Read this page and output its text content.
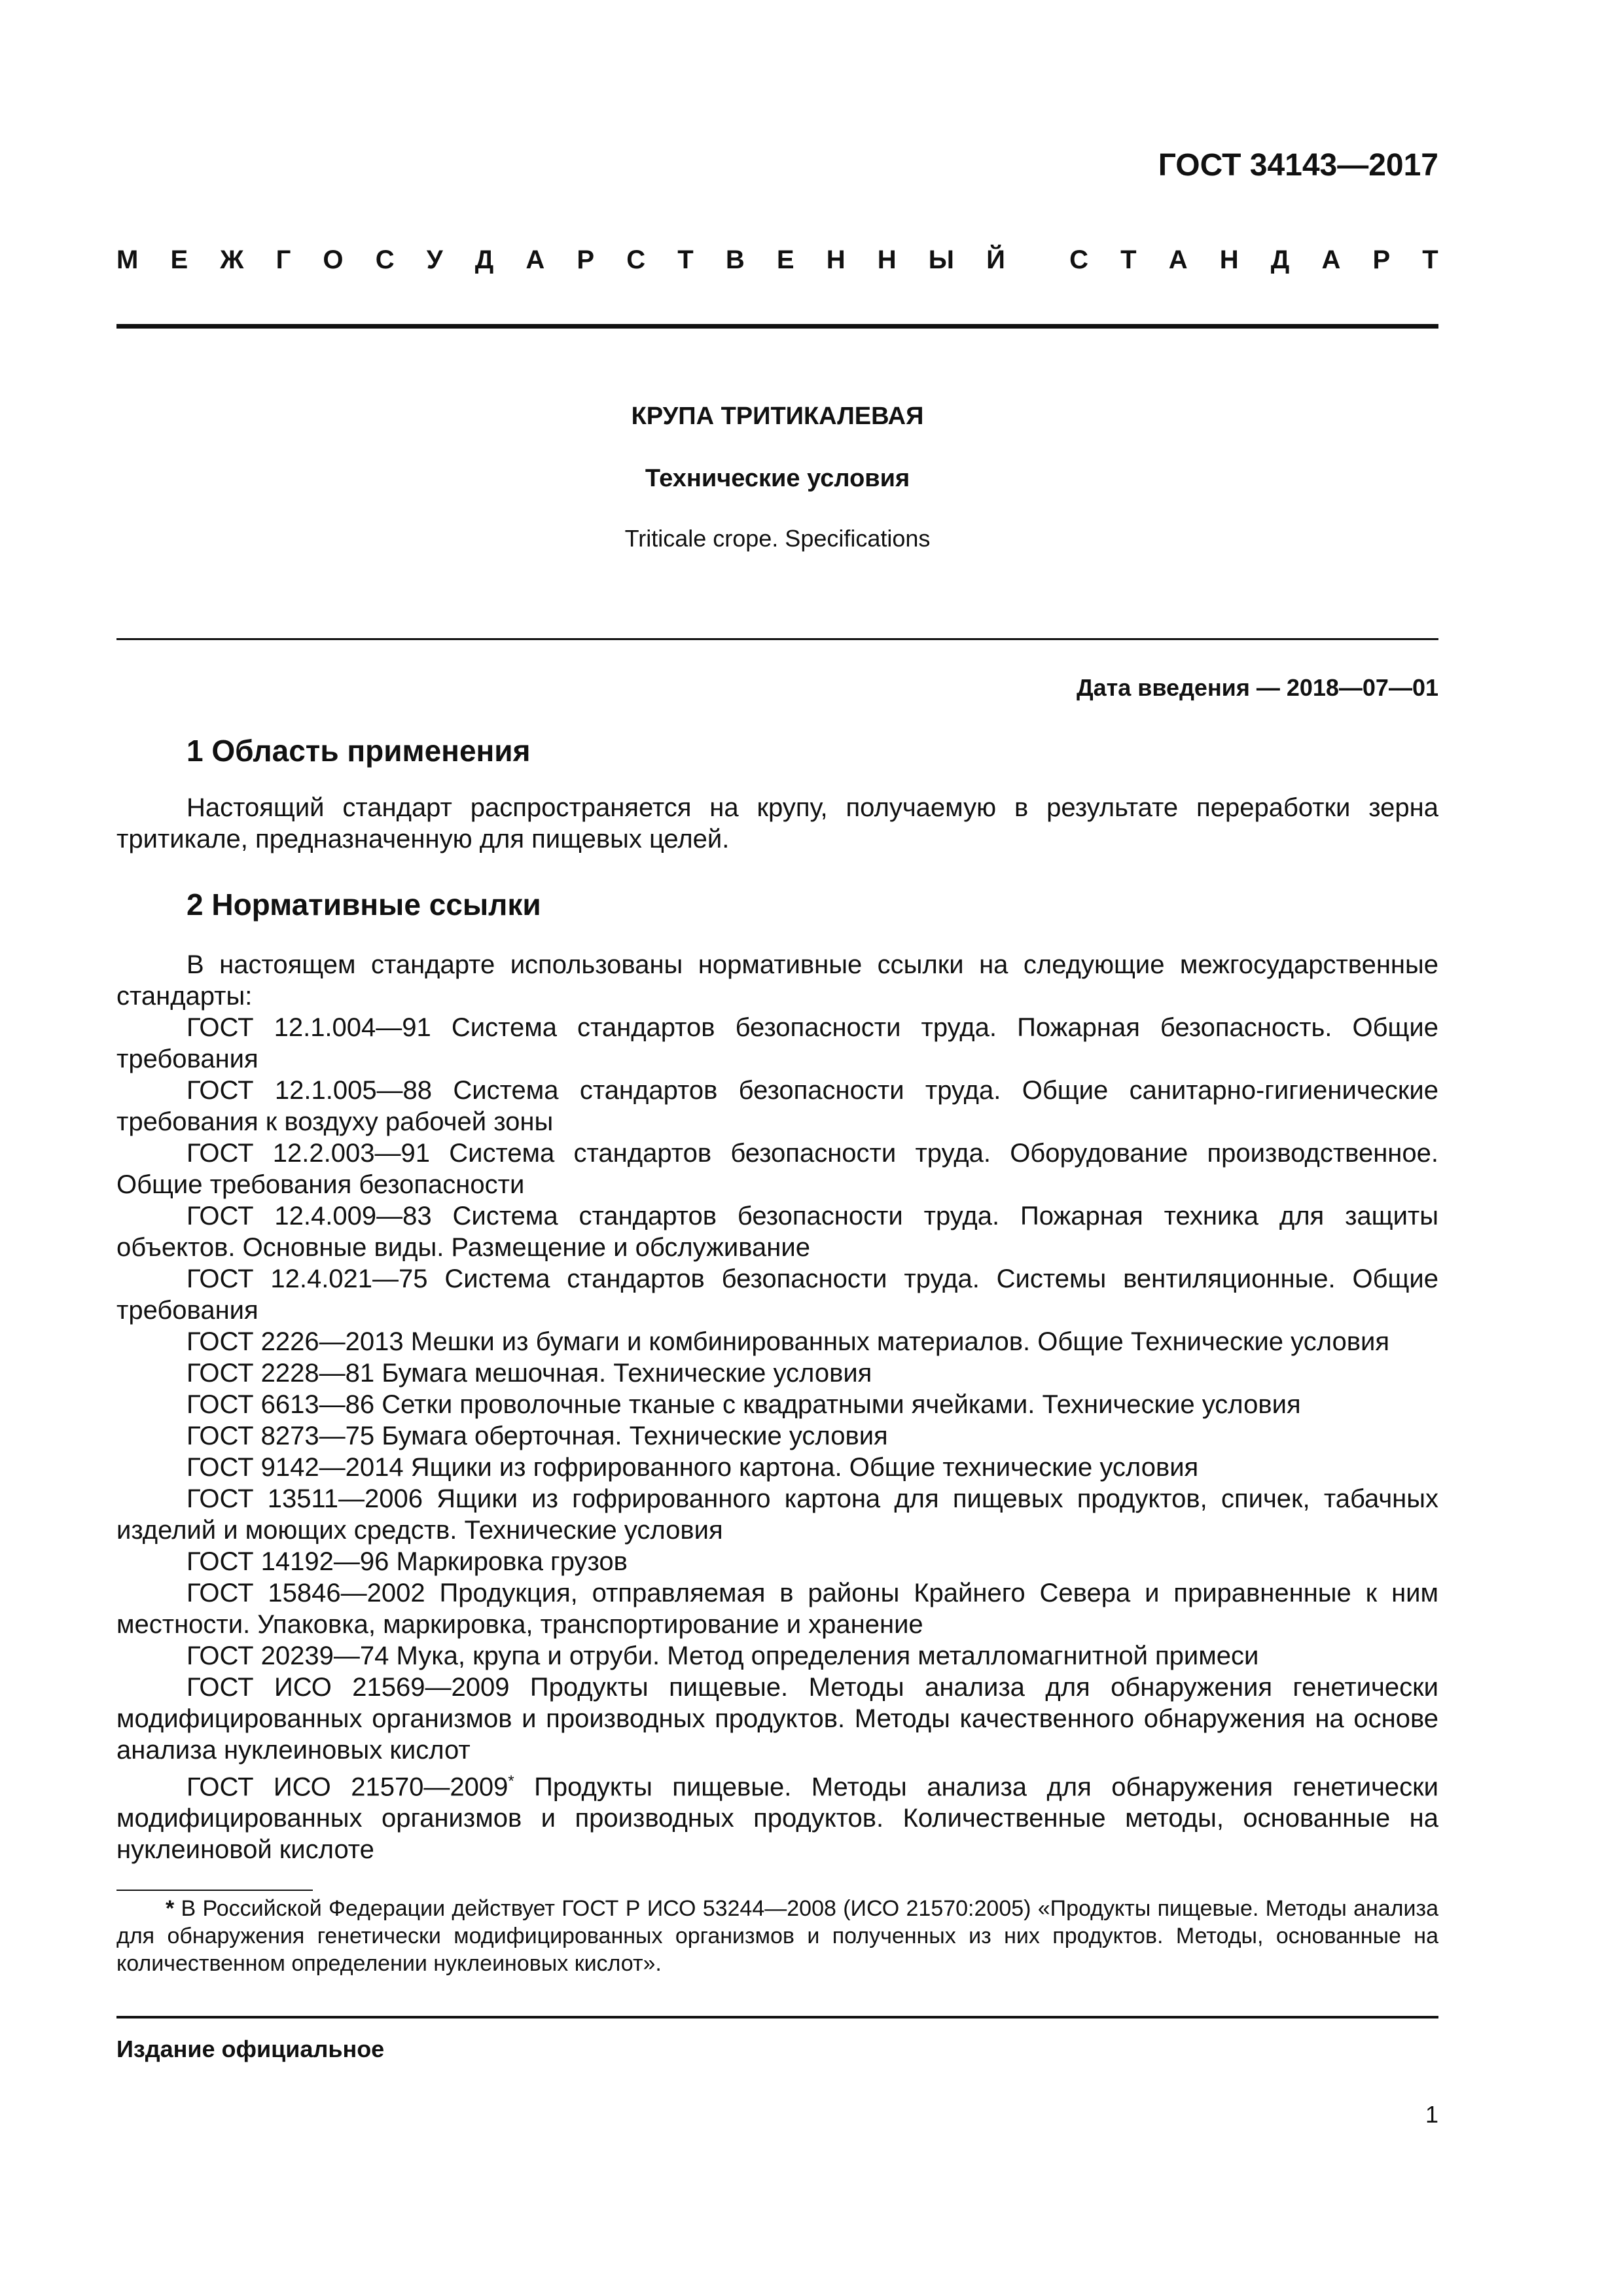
ГОСТ 34143—2017
М Е Ж Г О С У Д А Р С Т В Е Н Н Ы Й С Т А Н Д А Р Т
КРУПА ТРИТИКАЛЕВАЯ
Технические условия
Triticale crope. Specifications
Дата введения — 2018—07—01
1 Область применения

Настоящий стандарт распространяется на крупу, получаемую в результате переработки зерна тритикале, предназначенную для пищевых целей.

2 Нормативные ссылки

В настоящем стандарте использованы нормативные ссылки на следующие межгосударственные стандарты:

ГОСТ 12.1.004—91 Система стандартов безопасности труда. Пожарная безопасность. Общие требования

ГОСТ 12.1.005—88 Система стандартов безопасности труда. Общие санитарно-гигиенические требования к воздуху рабочей зоны

ГОСТ 12.2.003—91 Система стандартов безопасности труда. Оборудование производственное. Общие требования безопасности

ГОСТ 12.4.009—83 Система стандартов безопасности труда. Пожарная техника для защиты объектов. Основные виды. Размещение и обслуживание

ГОСТ 12.4.021—75 Система стандартов безопасности труда. Системы вентиляционные. Общие требования

ГОСТ 2226—2013 Мешки из бумаги и комбинированных материалов. Общие Технические условия

ГОСТ 2228—81 Бумага мешочная. Технические условия

ГОСТ 6613—86 Сетки проволочные тканые с квадратными ячейками. Технические условия

ГОСТ 8273—75 Бумага оберточная. Технические условия

ГОСТ 9142—2014 Ящики из гофрированного картона. Общие технические условия

ГОСТ 13511—2006 Ящики из гофрированного картона для пищевых продуктов, спичек, табачных изделий и моющих средств. Технические условия

ГОСТ 14192—96 Маркировка грузов

ГОСТ 15846—2002 Продукция, отправляемая в районы Крайнего Севера и приравненные к ним местности. Упаковка, маркировка, транспортирование и хранение

ГОСТ 20239—74 Мука, крупа и отруби. Метод определения металломагнитной примеси

ГОСТ ИСО 21569—2009 Продукты пищевые. Методы анализа для обнаружения генетически модифицированных организмов и производных продуктов. Методы качественного обнаружения на основе анализа нуклеиновых кислот

ГОСТ ИСО 21570—2009* Продукты пищевые. Методы анализа для обнаружения генетически модифицированных организмов и производных продуктов. Количественные методы, основанные на нуклеиновой кислоте

* В Российской Федерации действует ГОСТ Р ИСО 53244—2008 (ИСО 21570:2005) «Продукты пищевые. Методы анализа для обнаружения генетически модифицированных организмов и полученных из них продуктов. Методы, основанные на количественном определении нуклеиновых кислот».

Издание официальное
1
